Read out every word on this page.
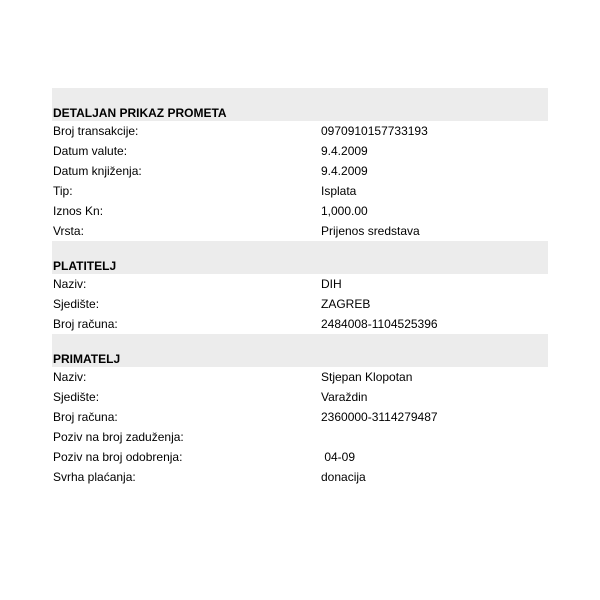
DETALJAN PRIKAZ PROMETA
Broj transakcije:	0970910157733193
Datum valute:	9.4.2009
Datum knjiženja:	9.4.2009
Tip:	Isplata
Iznos Kn:	1,000.00
Vrsta:	Prijenos sredstava
PLATITELJ
Naziv:	DIH
Sjedište:	ZAGREB
Broj računa:	2484008-1104525396
PRIMATELJ
Naziv:	Stjepan Klopotan
Sjedište:	Varaždin
Broj računa:	2360000-3114279487
Poziv na broj zaduženja:
Poziv na broj odobrenja:	04-09
Svrha plaćanja:	donacija
